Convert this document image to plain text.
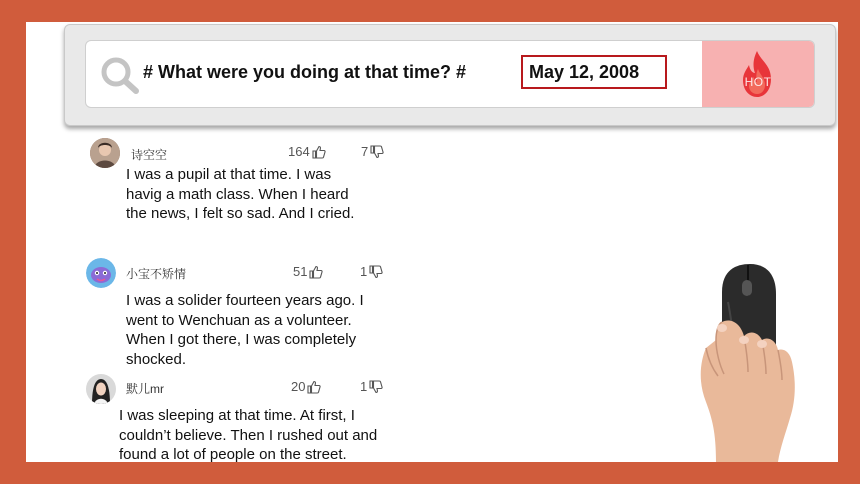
# What were you doing at that time? #	May 12, 2008	HOT
诗空空	164	7
I was a pupil at that time. I was havig a math class. When I heard the news, I felt so sad. And I cried.
小宝不矫情	51	1
I was a solider fourteen years ago. I went to Wenchuan as a volunteer. When I got there, I was completely shocked.
默儿mr	20	1
I was sleeping at that time. At first, I couldn’t believe. Then I rushed out and found a lot of people on the street.
